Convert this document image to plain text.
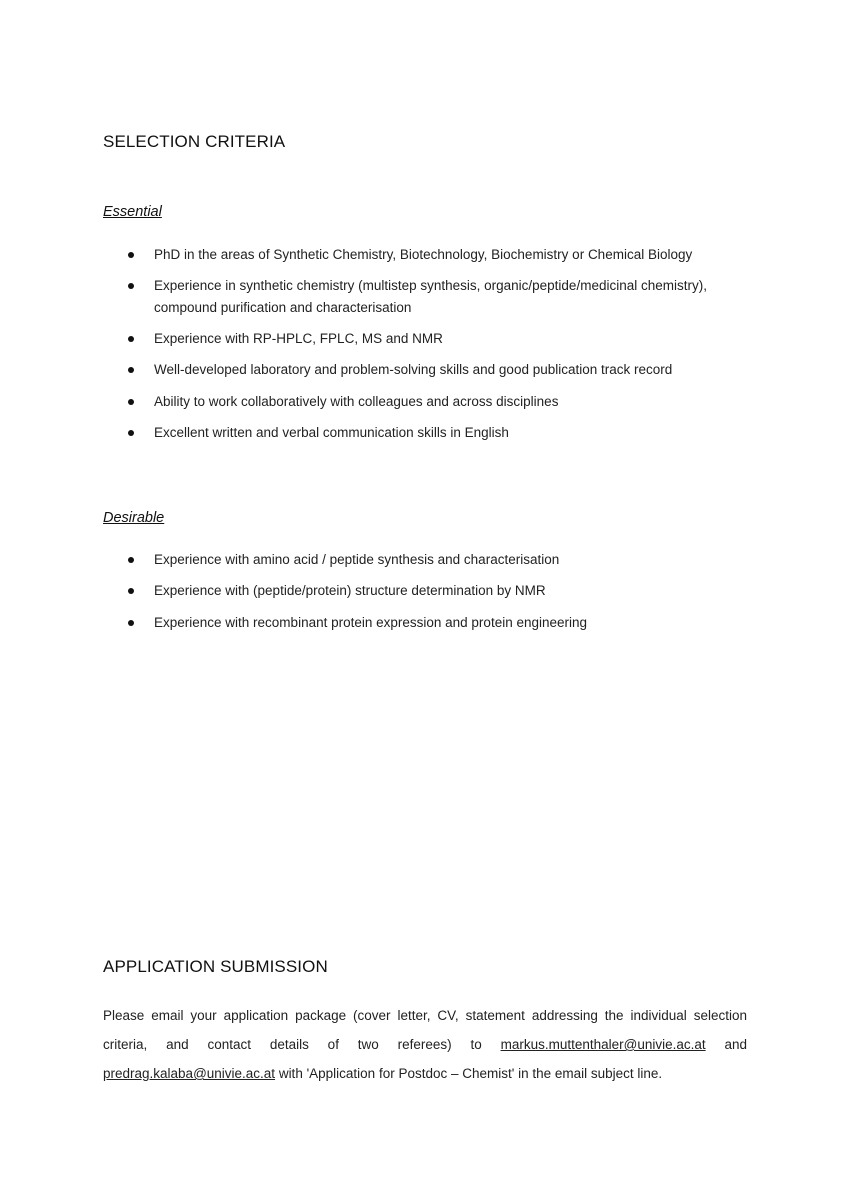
SELECTION CRITERIA

Essential

PhD in the areas of Synthetic Chemistry, Biotechnology, Biochemistry or Chemical Biology
Experience in synthetic chemistry (multistep synthesis, organic/peptide/medicinal chemistry), compound purification and characterisation
Experience with RP-HPLC, FPLC, MS and NMR
Well-developed laboratory and problem-solving skills and good publication track record
Ability to work collaboratively with colleagues and across disciplines
Excellent written and verbal communication skills in English

Desirable

Experience with amino acid / peptide synthesis and characterisation
Experience with (peptide/protein) structure determination by NMR
Experience with recombinant protein expression and protein engineering
APPLICATION SUBMISSION

Please email your application package (cover letter, CV, statement addressing the individual selection criteria, and contact details of two referees) to markus.muttenthaler@univie.ac.at and predrag.kalaba@univie.ac.at with 'Application for Postdoc – Chemist' in the email subject line.
